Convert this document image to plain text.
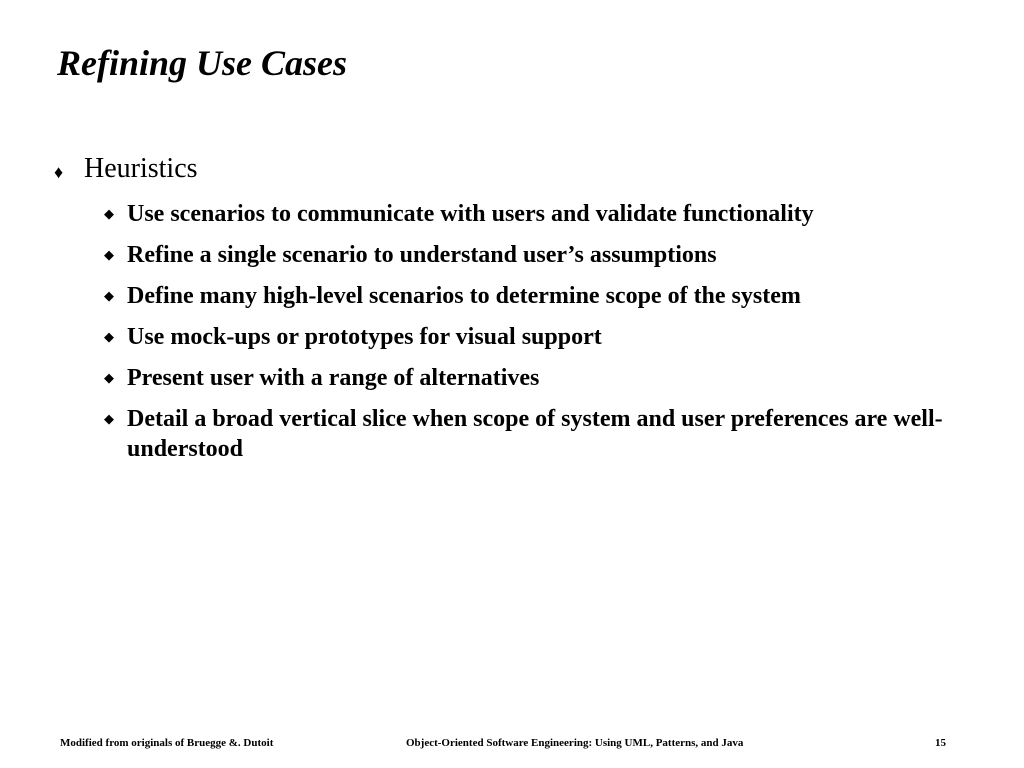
Refining Use Cases
♦ Heuristics
◆ Use scenarios to communicate with users and validate functionality
◆ Refine a single scenario to understand user’s assumptions
◆ Define many high-level scenarios to determine scope of the system
◆ Use mock-ups or prototypes for visual support
◆ Present user with a range of alternatives
◆ Detail a broad vertical slice when scope of system and user preferences are well-understood
Modified from originals of Bruegge &. Dutoit	Object-Oriented Software Engineering: Using UML, Patterns, and Java	15
